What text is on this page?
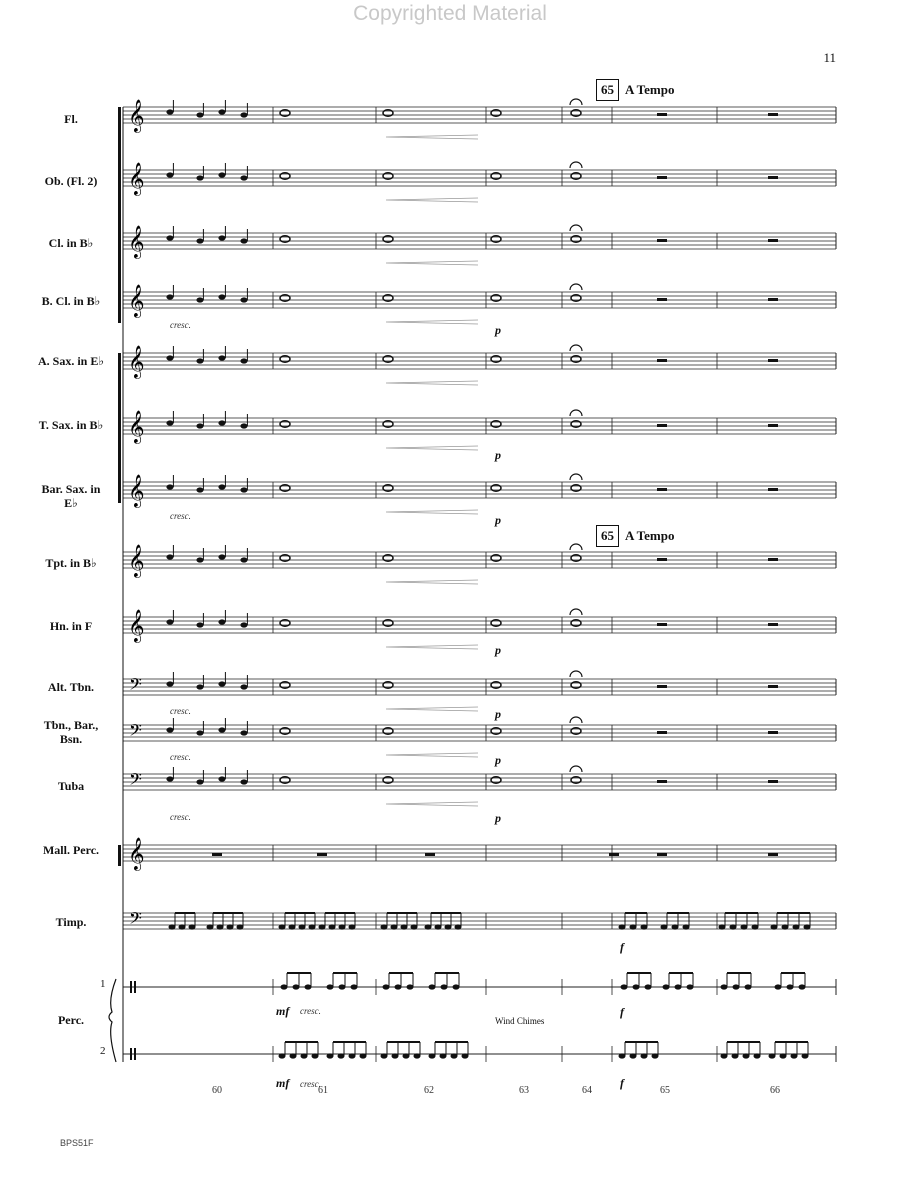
Copyrighted Material
11
65 A Tempo
65 A Tempo
Fl.
Ob. (Fl. 2)
Cl. in B♭
B. Cl. in B♭
A. Sax. in E♭
T. Sax. in B♭
Bar. Sax. in E♭
Tpt. in B♭
Hn. in F
Alt. Tbn.
Tbn., Bar., Bsn.
Tuba
Mall. Perc.
Timp.
Perc.
1
2
60	61	62	63	64	65	66
cresc.
cresc.
cresc.
cresc.
cresc.
cresc.
cresc.
p
p
p
p
p
p
p
f
f
f
mf
mf
Wind Chimes
BPS51F
𝄞
𝄞
𝄞
𝄞
𝄞
𝄞
𝄞
𝄞
𝄞
𝄢
𝄢
𝄢
𝄞
𝄢
